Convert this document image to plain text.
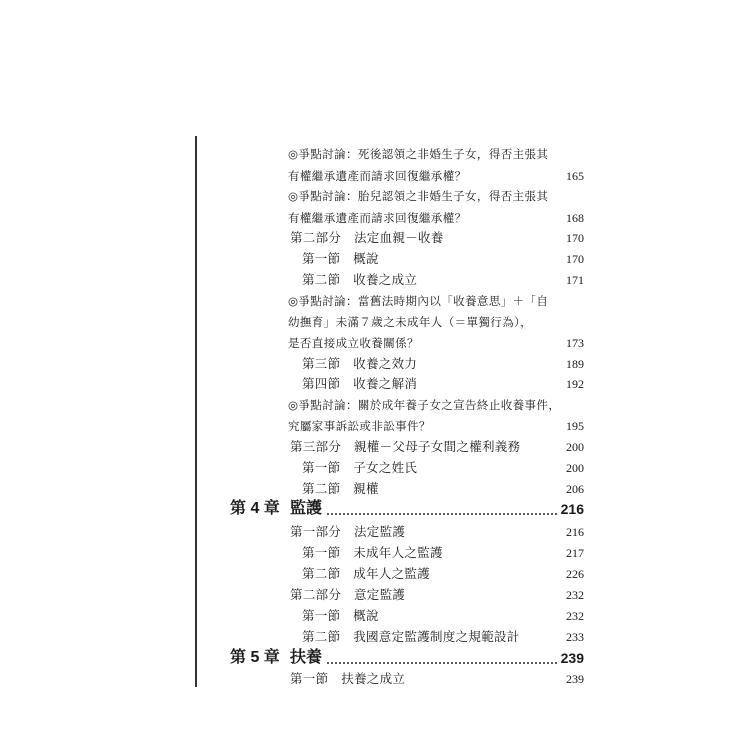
◎爭點討論：死後認領之非婚生子女，得否主張其
有權繼承遺產而請求回復繼承權？	165
◎爭點討論：胎兒認領之非婚生子女，得否主張其
有權繼承遺產而請求回復繼承權？	168
第二部分　法定血親－收養	170
第一節　概說	170
第二節　收養之成立	171
◎爭點討論：當舊法時期內以「收養意思」＋「自
幼撫育」未滿７歲之未成年人（＝單獨行為），
是否直接成立收養關係？	173
第三節　收養之效力	189
第四節　收養之解消	192
◎爭點討論：關於成年養子女之宣告終止收養事件，
究屬家事訴訟或非訟事件？	195
第三部分　親權－父母子女間之權利義務	200
第一節　子女之姓氏	200
第二節　親權	206
第 4 章 監護	216
第一部分　法定監護	216
第一節　未成年人之監護	217
第二節　成年人之監護	226
第二部分　意定監護	232
第一節　概說	232
第二節　我國意定監護制度之規範設計	233
第 5 章 扶養	239
第一節　扶養之成立	239
